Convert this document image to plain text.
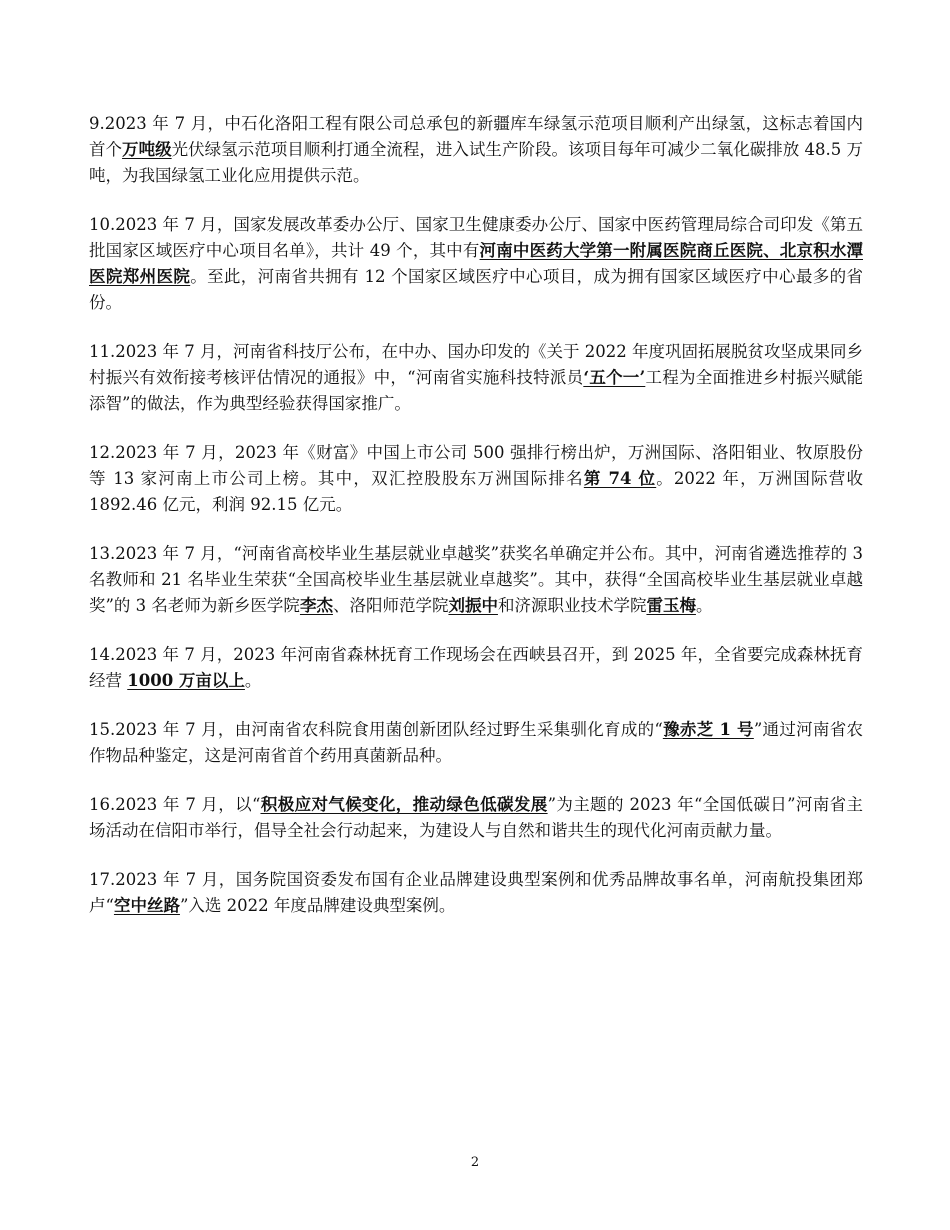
9.2023 年 7 月，中石化洛阳工程有限公司总承包的新疆库车绿氢示范项目顺利产出绿氢，这标志着国内首个万吨级光伏绿氢示范项目顺利打通全流程，进入试生产阶段。该项目每年可减少二氧化碳排放 48.5 万吨，为我国绿氢工业化应用提供示范。

10.2023 年 7 月，国家发展改革委办公厅、国家卫生健康委办公厅、国家中医药管理局综合司印发《第五批国家区域医疗中心项目名单》，共计 49 个，其中有河南中医药大学第一附属医院商丘医院、北京积水潭医院郑州医院。至此，河南省共拥有 12 个国家区域医疗中心项目，成为拥有国家区域医疗中心最多的省份。

11.2023 年 7 月，河南省科技厅公布，在中办、国办印发的《关于 2022 年度巩固拓展脱贫攻坚成果同乡村振兴有效衔接考核评估情况的通报》中，“河南省实施科技特派员‘五个一’工程为全面推进乡村振兴赋能添智”的做法，作为典型经验获得国家推广。

12.2023 年 7 月，2023 年《财富》中国上市公司 500 强排行榜出炉，万洲国际、洛阳钼业、牧原股份等 13 家河南上市公司上榜。其中，双汇控股股东万洲国际排名第 74 位。2022 年，万洲国际营收 1892.46 亿元，利润 92.15 亿元。

13.2023 年 7 月，“河南省高校毕业生基层就业卓越奖”获奖名单确定并公布。其中，河南省遴选推荐的 3 名教师和 21 名毕业生荣获“全国高校毕业生基层就业卓越奖”。其中，获得“全国高校毕业生基层就业卓越奖”的 3 名老师为新乡医学院李杰、洛阳师范学院刘振中和济源职业技术学院雷玉梅。

14.2023 年 7 月，2023 年河南省森林抚育工作现场会在西峡县召开，到 2025 年，全省要完成森林抚育经营 1000 万亩以上。

15.2023 年 7 月，由河南省农科院食用菌创新团队经过野生采集驯化育成的“豫赤芝 1 号”通过河南省农作物品种鉴定，这是河南省首个药用真菌新品种。

16.2023 年 7 月，以“积极应对气候变化，推动绿色低碳发展”为主题的 2023 年“全国低碳日”河南省主场活动在信阳市举行，倡导全社会行动起来，为建设人与自然和谐共生的现代化河南贡献力量。

17.2023 年 7 月，国务院国资委发布国有企业品牌建设典型案例和优秀品牌故事名单，河南航投集团郑卢“空中丝路”入选 2022 年度品牌建设典型案例。

2
